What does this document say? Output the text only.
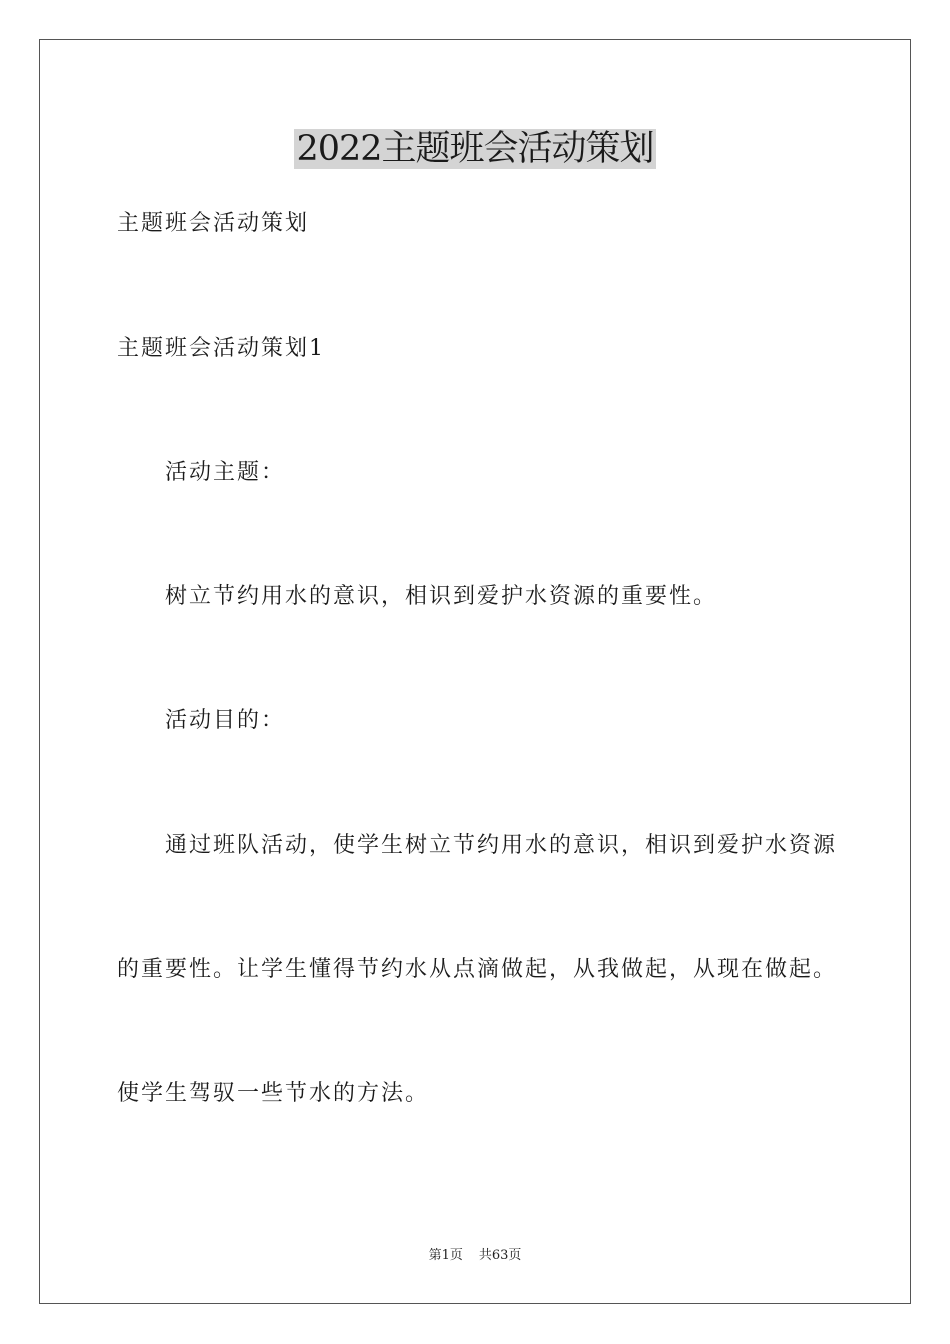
2022主题班会活动策划

主题班会活动策划

主题班会活动策划1

活动主题：

树立节约用水的意识，相识到爱护水资源的重要性。

活动目的：

通过班队活动，使学生树立节约用水的意识，相识到爱护水资源

的重要性。让学生懂得节约水从点滴做起，从我做起，从现在做起。

使学生驾驭一些节水的方法。

第1页 共63页
